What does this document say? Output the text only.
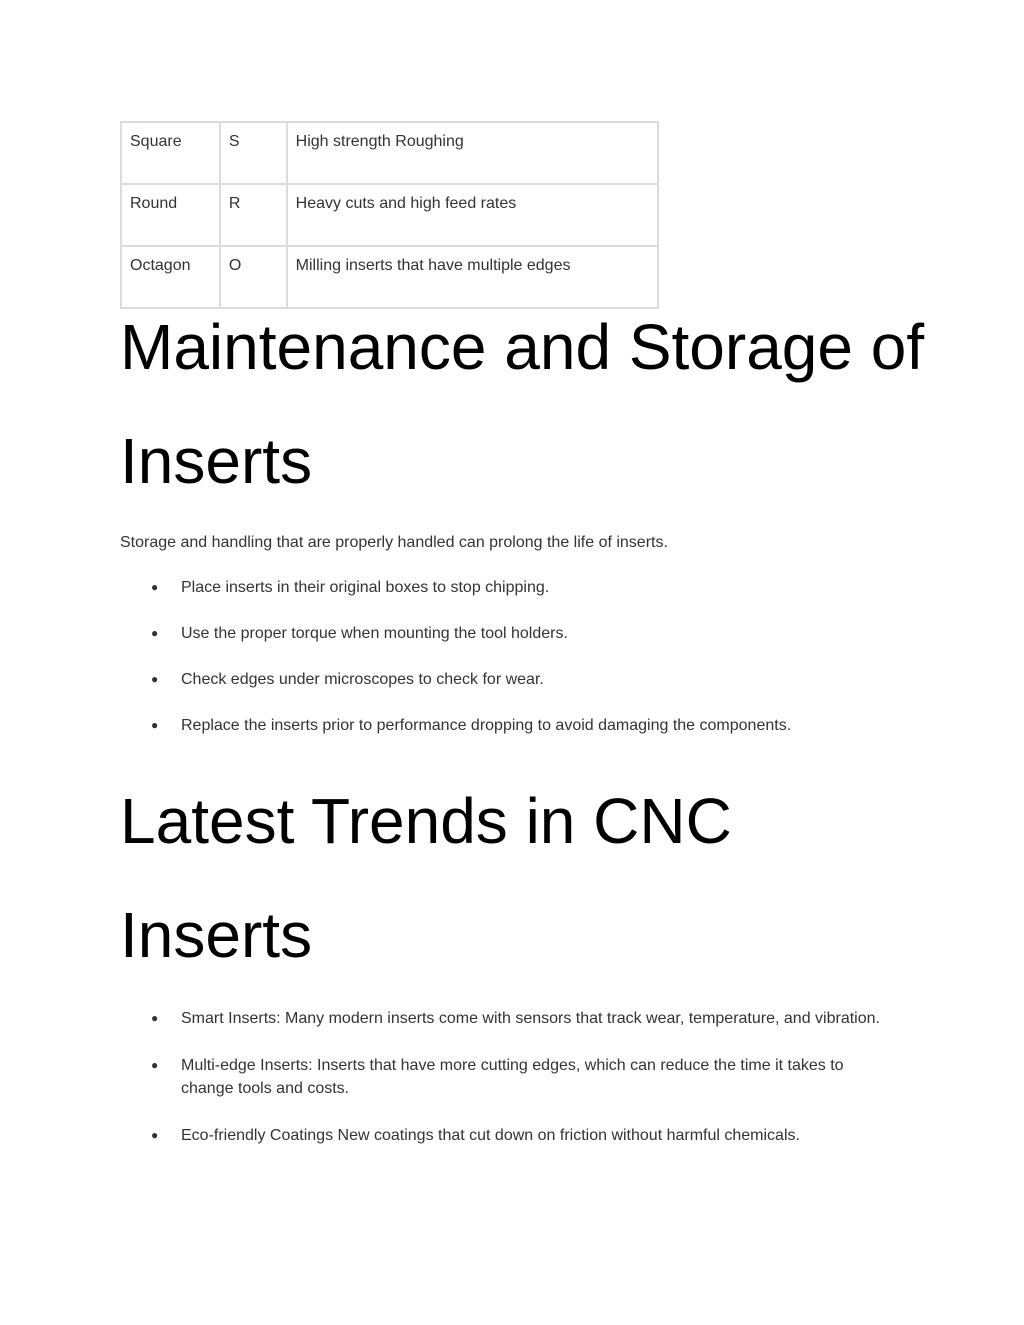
Square	S	High strength Roughing
Round	R	Heavy cuts and high feed rates
Octagon	O	Milling inserts that have multiple edges
Maintenance and Storage of Inserts

Storage and handling that are properly handled can prolong the life of inserts.

● Place inserts in their original boxes to stop chipping.
● Use the proper torque when mounting the tool holders.
● Check edges under microscopes to check for wear.
● Replace the inserts prior to performance dropping to avoid damaging the components.
Latest Trends in CNC Inserts
● Smart Inserts: Many modern inserts come with sensors that track wear, temperature, and vibration.
● Multi-edge Inserts: Inserts that have more cutting edges, which can reduce the time it takes to change tools and costs.
● Eco-friendly Coatings New coatings that cut down on friction without harmful chemicals.
